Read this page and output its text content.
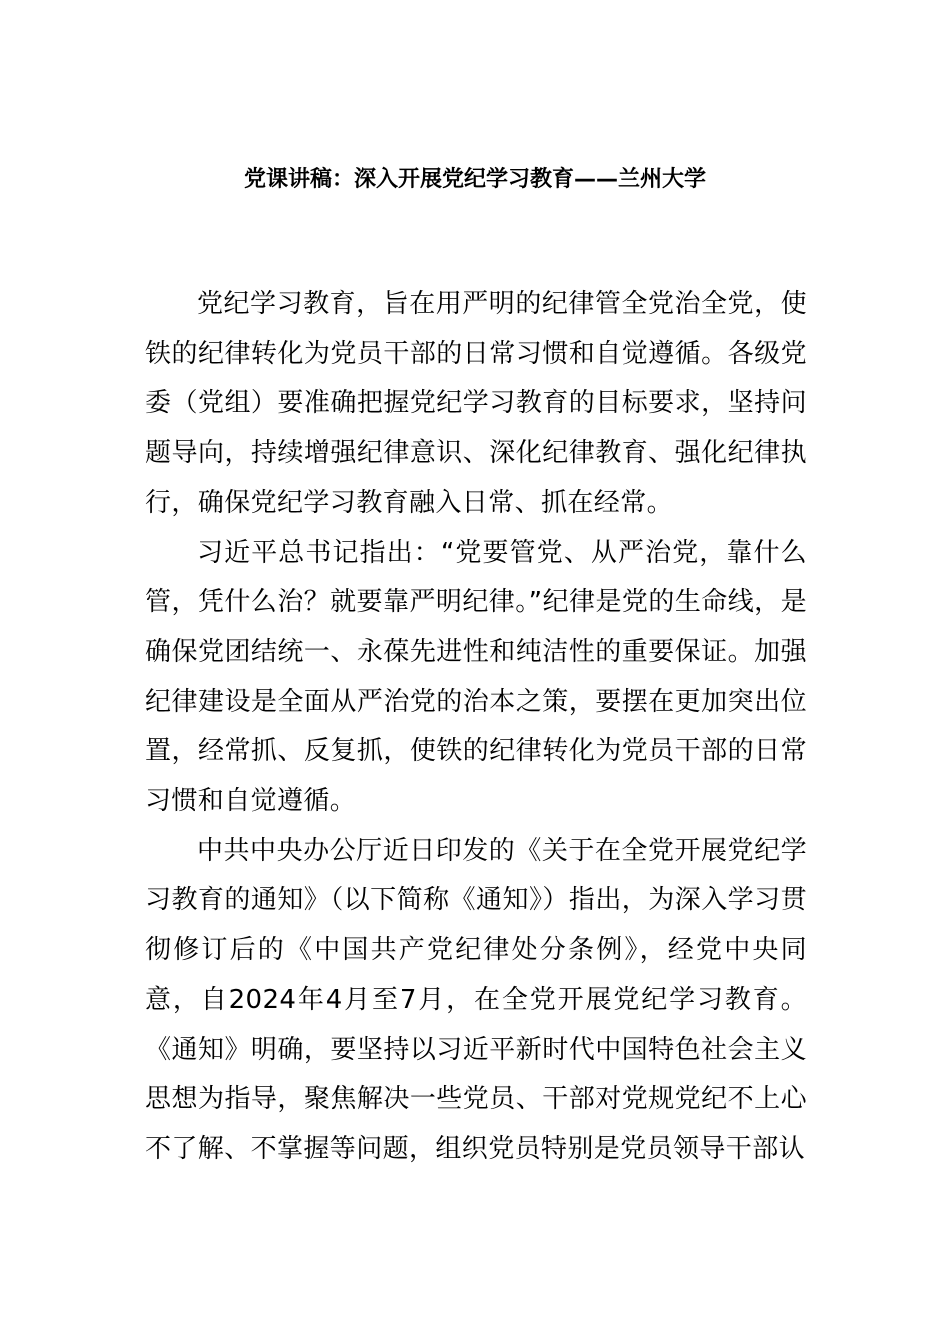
党课讲稿：深入开展党纪学习教育——兰州大学

党纪学习教育，旨在用严明的纪律管全党治全党，使铁的纪律转化为党员干部的日常习惯和自觉遵循。各级党委（党组）要准确把握党纪学习教育的目标要求，坚持问题导向，持续增强纪律意识、深化纪律教育、强化纪律执行，确保党纪学习教育融入日常、抓在经常。

习近平总书记指出：“党要管党、从严治党，靠什么管，凭什么治？就要靠严明纪律。”纪律是党的生命线，是确保党团结统一、永葆先进性和纯洁性的重要保证。加强纪律建设是全面从严治党的治本之策，要摆在更加突出位置，经常抓、反复抓，使铁的纪律转化为党员干部的日常习惯和自觉遵循。

中共中央办公厅近日印发的《关于在全党开展党纪学习教育的通知》（以下简称《通知》）指出，为深入学习贯彻修订后的《中国共产党纪律处分条例》，经党中央同意，自2024年4月至7月，在全党开展党纪学习教育。《通知》明确，要坚持以习近平新时代中国特色社会主义思想为指导，聚焦解决一些党员、干部对党规党纪不上心不了解、不掌握等问题，组织党员特别是党员领导干部认
